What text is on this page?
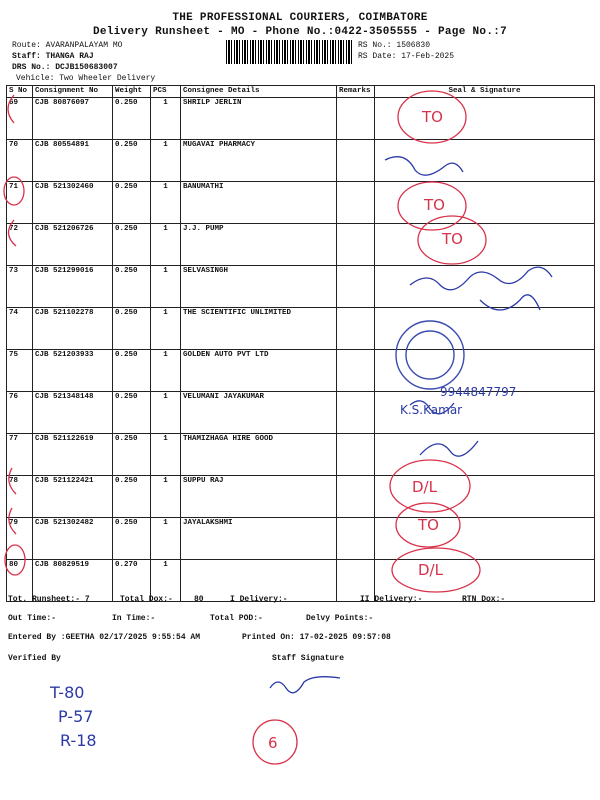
THE PROFESSIONAL COURIERS, COIMBATORE
Delivery Runsheet - MO - Phone No.:0422-3505555 - Page No.:7
Route: AVARANPALAYAM MO
Staff: THANGA RAJ
DRS No.: DCJB15068300​7
Vehicle: Two Wheeler Delivery
RS No.: 1506830
RS Date: 17-Feb-2025
S No	Consignment No	Weight	PCS	Consignee Details	Remarks	Seal & Signature
69	CJB 80876097	0.250	1	SHRILP JERLIN		
70	CJB 80554891	0.250	1	MUGAVAI PHARMACY		
71	CJB 521302460	0.250	1	BANUMATHI		
72	CJB 521206726	0.250	1	J.J. PUMP		
73	CJB 521299016	0.250	1	SELVASINGH		
74	CJB 521102278	0.250	1	THE SCIENTIFIC UNLIMITED		
75	CJB 521203933	0.250	1	GOLDEN AUTO PVT LTD		
76	CJB 521348148	0.250	1	VELUMANI JAYAKUMAR		
77	CJB 521122619	0.250	1	THAMIZHAGA HIRE GOOD		
78	CJB 521122421	0.250	1	SUPPU RAJ		
79	CJB 521302482	0.250	1	JAYALAKSHMI		
80	CJB 80829519	0.270	1			
Tot. Runsheet:- 7	Total Dox:-	80	I Delivery:-	II Delivery:-	RTN Dox:-
Out Time:-	In Time:-	Total POD:-	Delvy Points:-
Entered By :GEETHA 02/17/2025 9:55:54 AM	Printed On: 17-02-2025 09:57:08
Verified By	Staff Signature
TO
TO
TO
D/L
TO
D/L
6
9944847797
K.S.Kamar
T-80
P-57
R-18
